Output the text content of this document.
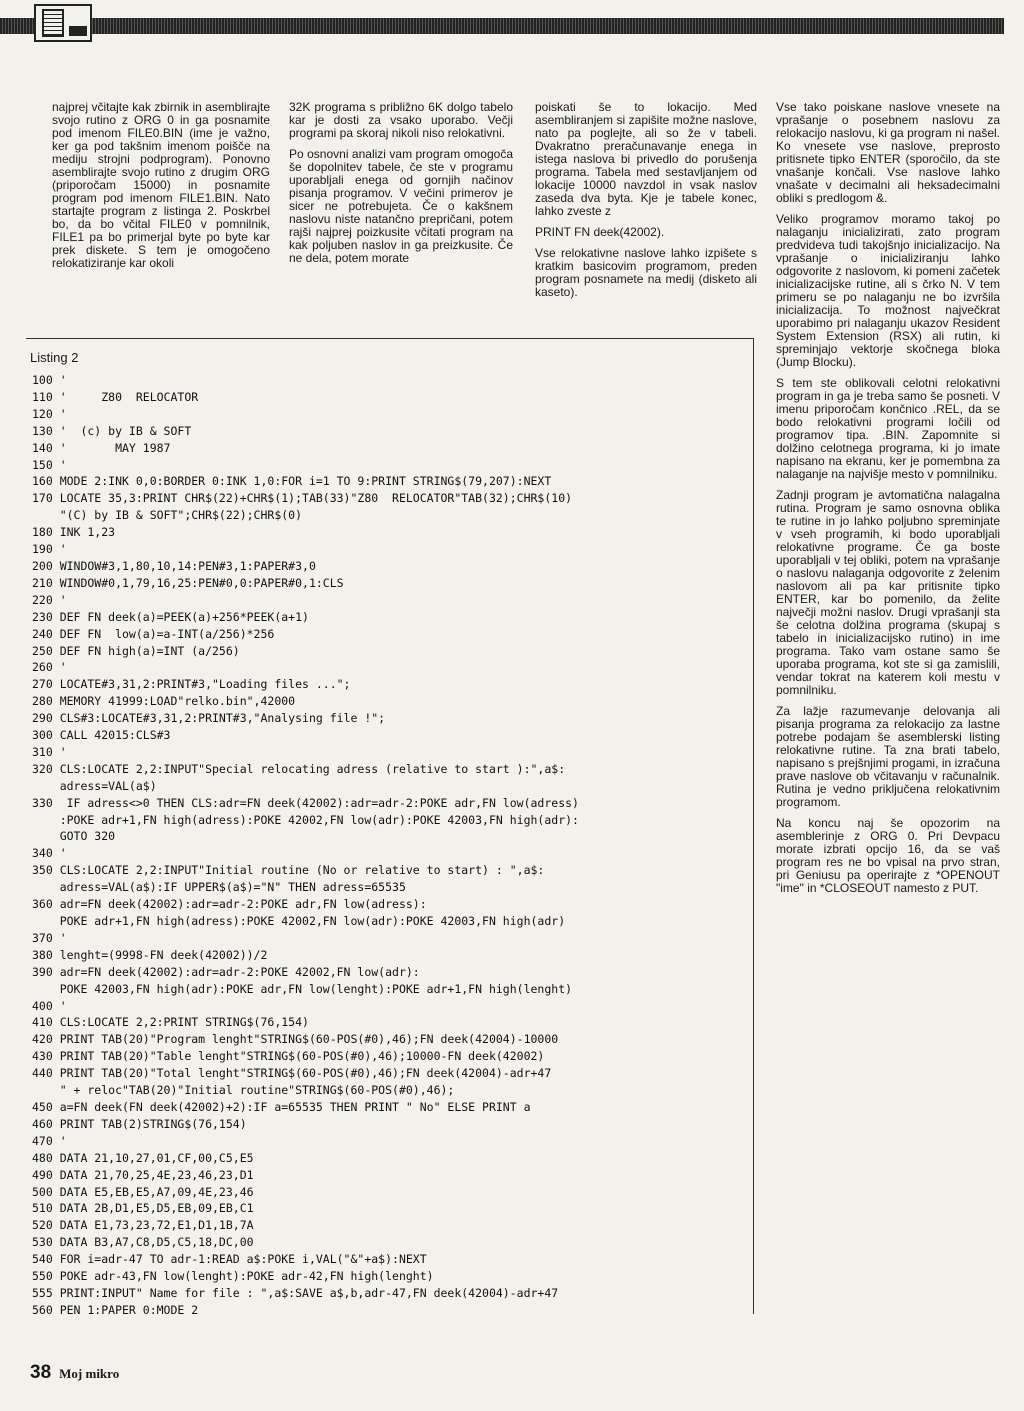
najprej včitajte kak zbirnik in asemblirajte svojo rutino z ORG 0 in ga posnamite pod imenom FILE0.BIN (ime je važno, ker ga pod takšnim imenom poišče na mediju strojni podprogram). Ponovno asemblirajte svojo rutino z drugim ORG (priporočam 15000) in posnamite program pod imenom FILE1.BIN. Nato startajte program z listinga 2. Poskrbel bo, da bo včital FILE0 v pomnilnik, FILE1 pa bo primerjal byte po byte kar prek diskete. S tem je omogočeno relokatiziranje kar okoli

32K programa s približno 6K dolgo tabelo kar je dosti za vsako uporabo. Večji programi pa skoraj nikoli niso relokativni.

Po osnovni analizi vam program omogoča še dopolnitev tabele, če ste v programu uporabljali enega od gornjih načinov pisanja programov. V večini primerov je sicer ne potrebujeta. Če o kakšnem naslovu niste natančno prepričani, potem rajši najprej poizkusite včitati program na kak poljuben naslov in ga preizkusite. Če ne dela, potem morate

poiskati še to lokacijo. Med asembliranjem si zapišite možne naslove, nato pa poglejte, ali so že v tabeli. Dvakratno preračunavanje enega in istega naslova bi privedlo do porušenja programa. Tabela med sestavljanjem od lokacije 10000 navzdol in vsak naslov zaseda dva byta. Kje je tabele konec, lahko zveste z

PRINT FN deek(42002).

Vse relokativne naslove lahko izpišete s kratkim basicovim programom, preden program posnamete na medij (disketo ali kaseto).

Vse tako poiskane naslove vnesete na vprašanje o posebnem naslovu za relokacijo naslovu, ki ga program ni našel. Ko vnesete vse naslove, preprosto pritisnete tipko ENTER (sporočilo, da ste vnašanje končali. Vse naslove lahko vnašate v decimalni ali heksadecimalni obliki s predlogom &.

Veliko programov moramo takoj po nalaganju inicializirati, zato program predvideva tudi takojšnjo inicializacijo. Na vprašanje o inicializiranju lahko odgovorite z naslovom, ki pomeni začetek inicializacijske rutine, ali s črko N. V tem primeru se po nalaganju ne bo izvršila inicializacija. To možnost največkrat uporabimo pri nalaganju ukazov Resident System Extension (RSX) ali rutin, ki spreminjajo vektorje skočnega bloka (Jump Blocku).

S tem ste oblikovali celotni relokativni program in ga je treba samo še posneti. V imenu priporočam končnico .REL, da se bodo relokativni programi ločili od programov tipa. .BIN. Zapomnite si dolžino celotnega programa, ki jo imate napisano na ekranu, ker je pomembna za nalaganje na najvišje mesto v pomnilniku.

Zadnji program je avtomatična nalagalna rutina. Program je samo osnovna oblika te rutine in jo lahko poljubno spreminjate v vseh programih, ki bodo uporabljali relokativne programe. Če ga boste uporabljali v tej obliki, potem na vprašanje o naslovu nalaganja odgovorite z želenim naslovom ali pa kar pritisnite tipko ENTER, kar bo pomenilo, da želite največji možni naslov. Drugi vprašanji sta še celotna dolžina programa (skupaj s tabelo in inicializacijsko rutino) in ime programa. Tako vam ostane samo še uporaba programa, kot ste si ga zamislili, vendar tokrat na katerem koli mestu v pomnilniku.

Za lažje razumevanje delovanja ali pisanja programa za relokacijo za lastne potrebe podajam še asemblerski listing relokativne rutine. Ta zna brati tabelo, napisano s prejšnjimi progami, in izračuna prave naslove ob včitavanju v računalnik. Rutina je vedno priključena relokativnim programom.

Na koncu naj še opozorim na asemblerinje z ORG 0. Pri Devpacu morate izbrati opcijo 16, da se vaš program res ne bo vpisal na prvo stran, pri Geniusu pa operirajte z *OPENOUT "ime" in *CLOSEOUT namesto z PUT.

Listing 2
100 '
110 '     Z80  RELOCATOR
120 '
130 '  (c) by IB & SOFT
140 '       MAY 1987
150 '
160 MODE 2:INK 0,0:BORDER 0:INK 1,0:FOR i=1 TO 9:PRINT STRING$(79,207):NEXT
170 LOCATE 35,3:PRINT CHR$(22)+CHR$(1);TAB(33)"Z80  RELOCATOR"TAB(32);CHR$(10)
"(C) by IB & SOFT";CHR$(22);CHR$(0)
180 INK 1,23
190 '
200 WINDOW#3,1,80,10,14:PEN#3,1:PAPER#3,0
210 WINDOW#0,1,79,16,25:PEN#0,0:PAPER#0,1:CLS
220 '
230 DEF FN deek(a)=PEEK(a)+256*PEEK(a+1)
240 DEF FN  low(a)=a-INT(a/256)*256
250 DEF FN high(a)=INT (a/256)
260 '
270 LOCATE#3,31,2:PRINT#3,"Loading files ...";
280 MEMORY 41999:LOAD"relko.bin",42000
290 CLS#3:LOCATE#3,31,2:PRINT#3,"Analysing file !";
300 CALL 42015:CLS#3
310 '
320 CLS:LOCATE 2,2:INPUT"Special relocating adress (relative to start ):",a$:
adress=VAL(a$)
330  IF adress<>0 THEN CLS:adr=FN deek(42002):adr=adr-2:POKE adr,FN low(adress)
:POKE adr+1,FN high(adress):POKE 42002,FN low(adr):POKE 42003,FN high(adr):
GOTO 320
340 '
350 CLS:LOCATE 2,2:INPUT"Initial routine (No or relative to start) : ",a$:
adress=VAL(a$):IF UPPER$(a$)="N" THEN adress=65535
360 adr=FN deek(42002):adr=adr-2:POKE adr,FN low(adress):
POKE adr+1,FN high(adress):POKE 42002,FN low(adr):POKE 42003,FN high(adr)
370 '
380 lenght=(9998-FN deek(42002))/2
390 adr=FN deek(42002):adr=adr-2:POKE 42002,FN low(adr):
POKE 42003,FN high(adr):POKE adr,FN low(lenght):POKE adr+1,FN high(lenght)
400 '
410 CLS:LOCATE 2,2:PRINT STRING$(76,154)
420 PRINT TAB(20)"Program lenght"STRING$(60-POS(#0),46);FN deek(42004)-10000
430 PRINT TAB(20)"Table lenght"STRING$(60-POS(#0),46);10000-FN deek(42002)
440 PRINT TAB(20)"Total lenght"STRING$(60-POS(#0),46);FN deek(42004)-adr+47
" + reloc"TAB(20)"Initial routine"STRING$(60-POS(#0),46);
450 a=FN deek(FN deek(42002)+2):IF a=65535 THEN PRINT " No" ELSE PRINT a
460 PRINT TAB(2)STRING$(76,154)
470 '
480 DATA 21,10,27,01,CF,00,C5,E5
490 DATA 21,70,25,4E,23,46,23,D1
500 DATA E5,EB,E5,A7,09,4E,23,46
510 DATA 2B,D1,E5,D5,EB,09,EB,C1
520 DATA E1,73,23,72,E1,D1,1B,7A
530 DATA B3,A7,C8,D5,C5,18,DC,00
540 FOR i=adr-47 TO adr-1:READ a$:POKE i,VAL("&"+a$):NEXT
550 POKE adr-43,FN low(lenght):POKE adr-42,FN high(lenght)
555 PRINT:INPUT" Name for file : ",a$:SAVE a$,b,adr-47,FN deek(42004)-adr+47
560 PEN 1:PAPER 0:MODE 2
38 Moj mikro
